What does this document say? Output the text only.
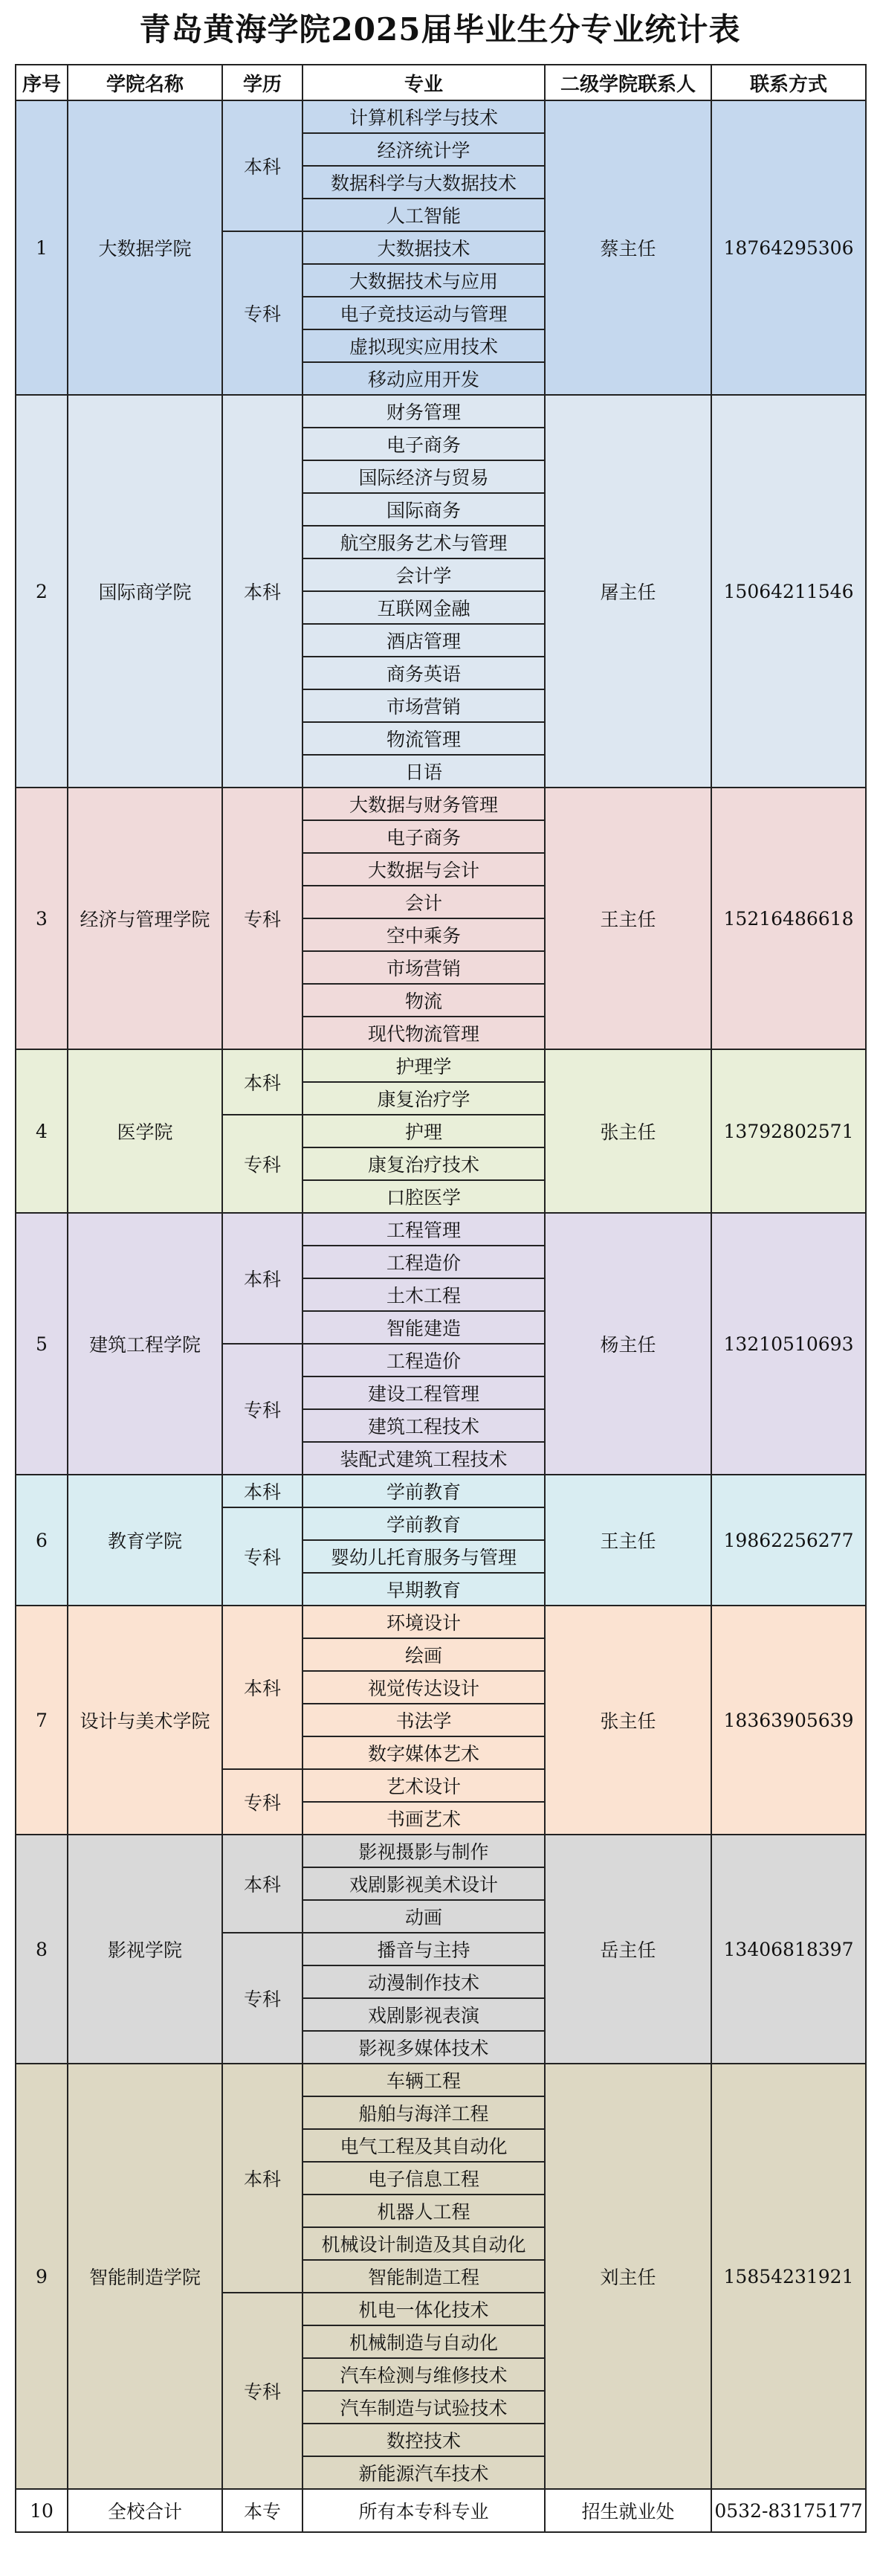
青岛黄海学院2025届毕业生分专业统计表
序号	学院名称	学历	专业	二级学院联系人	联系方式
1	大数据学院	本科	计算机科学与技术	蔡主任	18764295306
			经济统计学		
			数据科学与大数据技术		
			人工智能		
		专科	大数据技术		
			大数据技术与应用		
			电子竞技运动与管理		
			虚拟现实应用技术		
			移动应用开发		
2	国际商学院	本科	财务管理	屠主任	15064211546
			电子商务		
			国际经济与贸易		
			国际商务		
			航空服务艺术与管理		
			会计学		
			互联网金融		
			酒店管理		
			商务英语		
			市场营销		
			物流管理		
			日语		
3	经济与管理学院	专科	大数据与财务管理	王主任	15216486618
			电子商务		
			大数据与会计		
			会计		
			空中乘务		
			市场营销		
			物流		
			现代物流管理		
4	医学院	本科	护理学	张主任	13792802571
			康复治疗学		
		专科	护理		
			康复治疗技术		
			口腔医学		
5	建筑工程学院	本科	工程管理	杨主任	13210510693
			工程造价		
			土木工程		
			智能建造		
		专科	工程造价		
			建设工程管理		
			建筑工程技术		
			装配式建筑工程技术		
6	教育学院	本科	学前教育	王主任	19862256277
		专科	学前教育		
			婴幼儿托育服务与管理		
			早期教育		
7	设计与美术学院	本科	环境设计	张主任	18363905639
			绘画		
			视觉传达设计		
			书法学		
			数字媒体艺术		
		专科	艺术设计		
			书画艺术		
8	影视学院	本科	影视摄影与制作	岳主任	13406818397
			戏剧影视美术设计		
			动画		
		专科	播音与主持		
			动漫制作技术		
			戏剧影视表演		
			影视多媒体技术		
9	智能制造学院	本科	车辆工程	刘主任	15854231921
			船舶与海洋工程		
			电气工程及其自动化		
			电子信息工程		
			机器人工程		
			机械设计制造及其自动化		
			智能制造工程		
		专科	机电一体化技术		
			机械制造与自动化		
			汽车检测与维修技术		
			汽车制造与试验技术		
			数控技术		
			新能源汽车技术		
10	全校合计	本专	所有本专科专业	招生就业处	0532-83175177
